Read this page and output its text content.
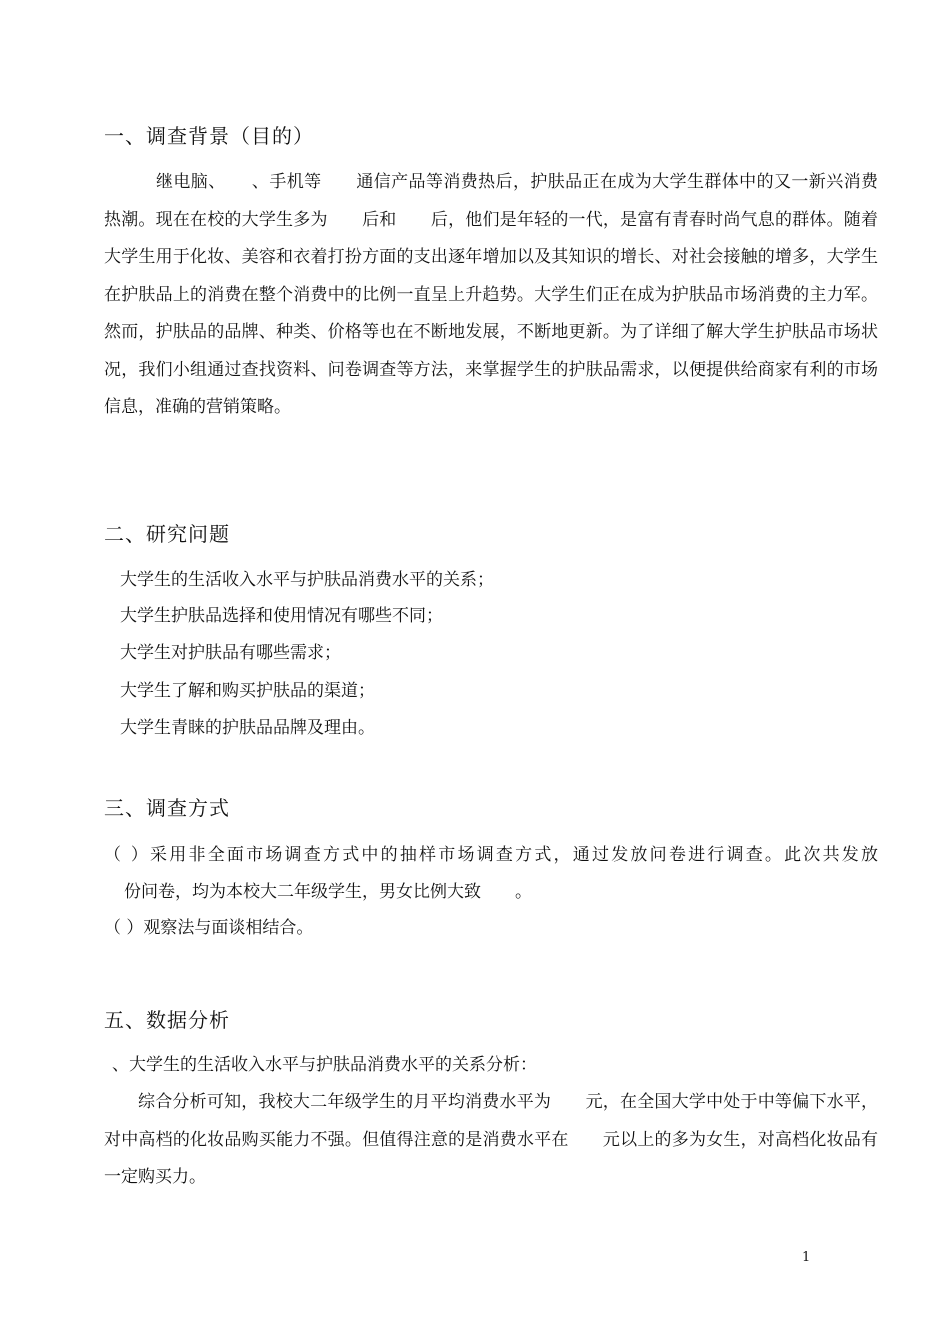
一、调查背景（目的）

继电脑、　　、手机等　　通信产品等消费热后，护肤品正在成为大学生群体中的又一新兴消费热潮。现在在校的大学生多为　　后和　　后，他们是年轻的一代，是富有青春时尚气息的群体。随着大学生用于化妆、美容和衣着打扮方面的支出逐年增加以及其知识的增长、对社会接触的增多，大学生在护肤品上的消费在整个消费中的比例一直呈上升趋势。大学生们正在成为护肤品市场消费的主力军。然而，护肤品的品牌、种类、价格等也在不断地发展，不断地更新。为了详细了解大学生护肤品市场状况，我们小组通过查找资料、问卷调查等方法，来掌握学生的护肤品需求，以便提供给商家有利的市场信息，准确的营销策略。

二、研究问题
大学生的生活收入水平与护肤品消费水平的关系；
大学生护肤品选择和使用情况有哪些不同；
大学生对护肤品有哪些需求；
大学生了解和购买护肤品的渠道；
大学生青睐的护肤品品牌及理由。
三、调查方式
（ ）采用非全面市场调查方式中的抽样市场调查方式，通过发放问卷进行调查。此次共发放
份问卷，均为本校大二年级学生，男女比例大致　　。
（ ）观察法与面谈相结合。
五、数据分析
、大学生的生活收入水平与护肤品消费水平的关系分析：

综合分析可知，我校大二年级学生的月平均消费水平为　　元，在全国大学中处于中等偏下水平，对中高档的化妆品购买能力不强。但值得注意的是消费水平在　　元以上的多为女生，对高档化妆品有一定购买力。

1
